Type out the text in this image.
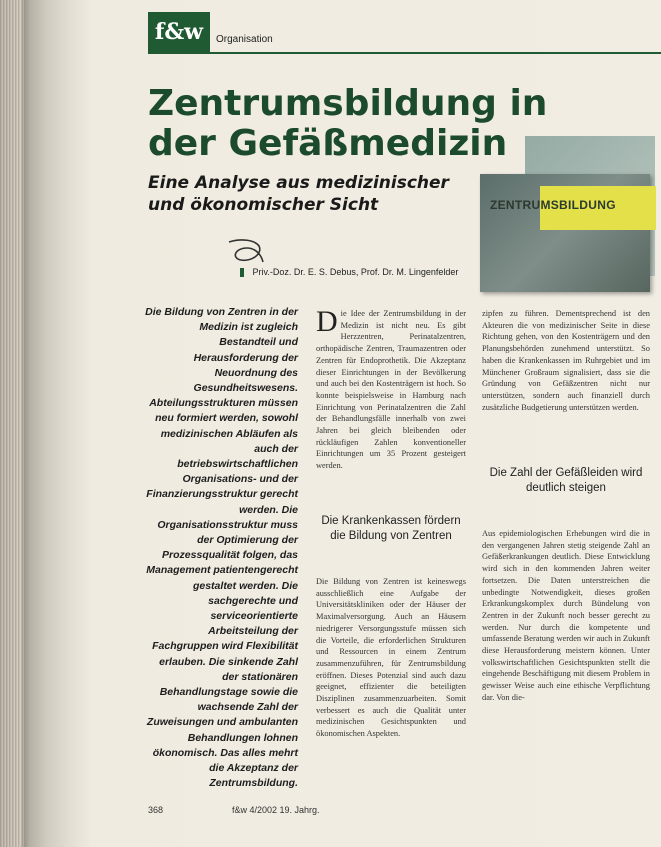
f&w	Organisation
Zentrumsbildung in der Gefäßmedizin
Eine Analyse aus medizinischer und ökonomischer Sicht
Priv.-Doz. Dr. E. S. Debus, Prof. Dr. M. Lingenfelder
ZENTRUMSBILDUNG

Die Bildung von Zentren in der Medizin ist zugleich Bestandteil und Herausforderung der Neuordnung des Gesundheitswesens. Abteilungsstrukturen müssen neu formiert werden, sowohl medizinischen Abläufen als auch der betriebswirtschaftlichen Organisations- und der Finanzierungsstruktur gerecht werden. Die Organisationsstruktur muss der Optimierung der Prozessqualität folgen, das Management patientengerecht gestaltet werden. Die sachgerechte und serviceorientierte Arbeitsteilung der Fachgruppen wird Flexibilität erlauben. Die sinkende Zahl der stationären Behandlungstage sowie die wachsende Zahl der Zuweisungen und ambulanten Behandlungen lohnen ökonomisch. Das alles mehrt die Akzeptanz der Zentrumsbildung.

Die Idee der Zentrumsbildung in der Medizin ist nicht neu. Es gibt Herzzentren, Perinatalzentren, orthopädische Zentren, Traumazentren oder Zentren für Endoprothetik. Die Akzeptanz dieser Einrichtungen in der Bevölkerung und auch bei den Kostenträgern ist hoch. So konnte beispielsweise in Hamburg nach Einrichtung von Perinatalzentren die Zahl der Behandlungsfälle innerhalb von zwei Jahren bei gleich bleibenden oder rückläufigen Zahlen konventioneller Einrichtungen um 35 Prozent gesteigert werden.

Die Krankenkassen fördern die Bildung von Zentren

Die Bildung von Zentren ist keineswegs ausschließlich eine Aufgabe der Universitätskliniken oder der Häuser der Maximalversorgung. Auch an Häusern niedrigerer Versorgungsstufe müssen sich die Vorteile, die erforderlichen Strukturen und Ressourcen in einem Zentrum zusammenzuführen, für Zentrumsbildung eröffnen. Dieses Potenzial sind auch dazu geeignet, effizienter die beteiligten Disziplinen zusammenzuarbeiten. Somit verbessert es auch die Qualität unter medizinischen Gesichtspunkten und ökonomischen Aspekten.

zipfen zu führen. Dementsprechend ist den Akteuren die von medizinischer Seite in diese Richtung gehen, von den Kostenträgern und den Planungsbehörden zunehmend unterstützt. So haben die Krankenkassen im Ruhrgebiet und im Münchener Großraum signalisiert, dass sie die Gründung von Gefäßzentren nicht nur unterstützen, sondern auch finanziell durch zusätzliche Budgetierung unterstützen werden.

Die Zahl der Gefäßleiden wird deutlich steigen

Aus epidemiologischen Erhebungen wird die in den vergangenen Jahren stetig steigende Zahl an Gefäßerkrankungen deutlich. Diese Entwicklung wird sich in den kommenden Jahren weiter fortsetzen. Die Daten unterstreichen die unbedingte Notwendigkeit, dieses großen Erkrankungskomplex durch Bündelung von Zentren in der Zukunft noch besser gerecht zu werden. Nur durch die kompetente und umfassende Beratung werden wir auch in Zukunft diese Herausforderung meistern können. Unter volkswirtschaftlichen Gesichtspunkten stellt die eingehende Beschäftigung mit diesem Problem in gewisser Weise auch eine ethische Verpflichtung dar. Von die-

368	f&w 4/2002 19. Jahrg.
